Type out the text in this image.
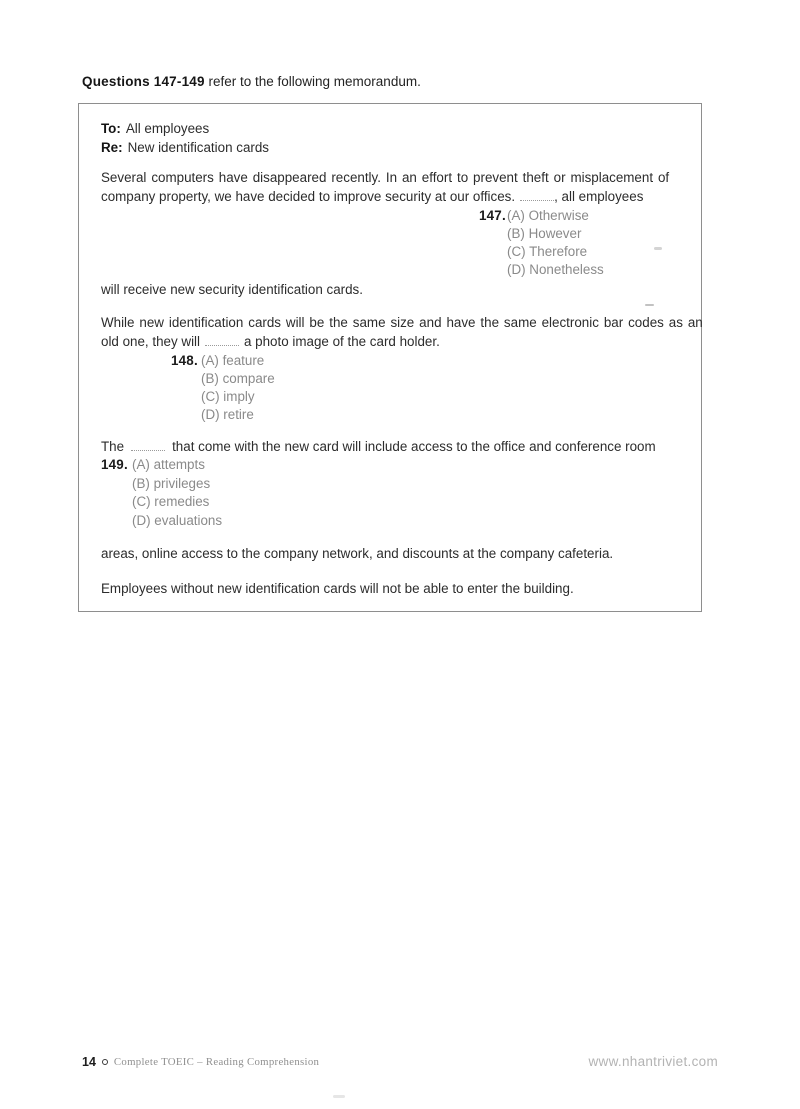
Questions 147-149 refer to the following memorandum.
To: All employees
Re: New identification cards
Several computers have disappeared recently. In an effort to prevent theft or misplacement of
company property, we have decided to improve security at our offices.	, all employees
147.(A) Otherwise
(B) However
(C) Therefore
(D) Nonetheless
will receive new security identification cards.
While new identification cards will be the same size and have the same electronic bar codes as an
old one, they will	a photo image of the card holder.
148. (A) feature
(B) compare
(C) imply
(D) retire
The	that come with the new card will include access to the office and conference room
149. (A) attempts
(B) privileges
(C) remedies
(D) evaluations
areas, online access to the company network, and discounts at the company cafeteria.
Employees without new identification cards will not be able to enter the building.
14 Complete TOEIC – Reading Comprehension	www.nhantriviet.com
